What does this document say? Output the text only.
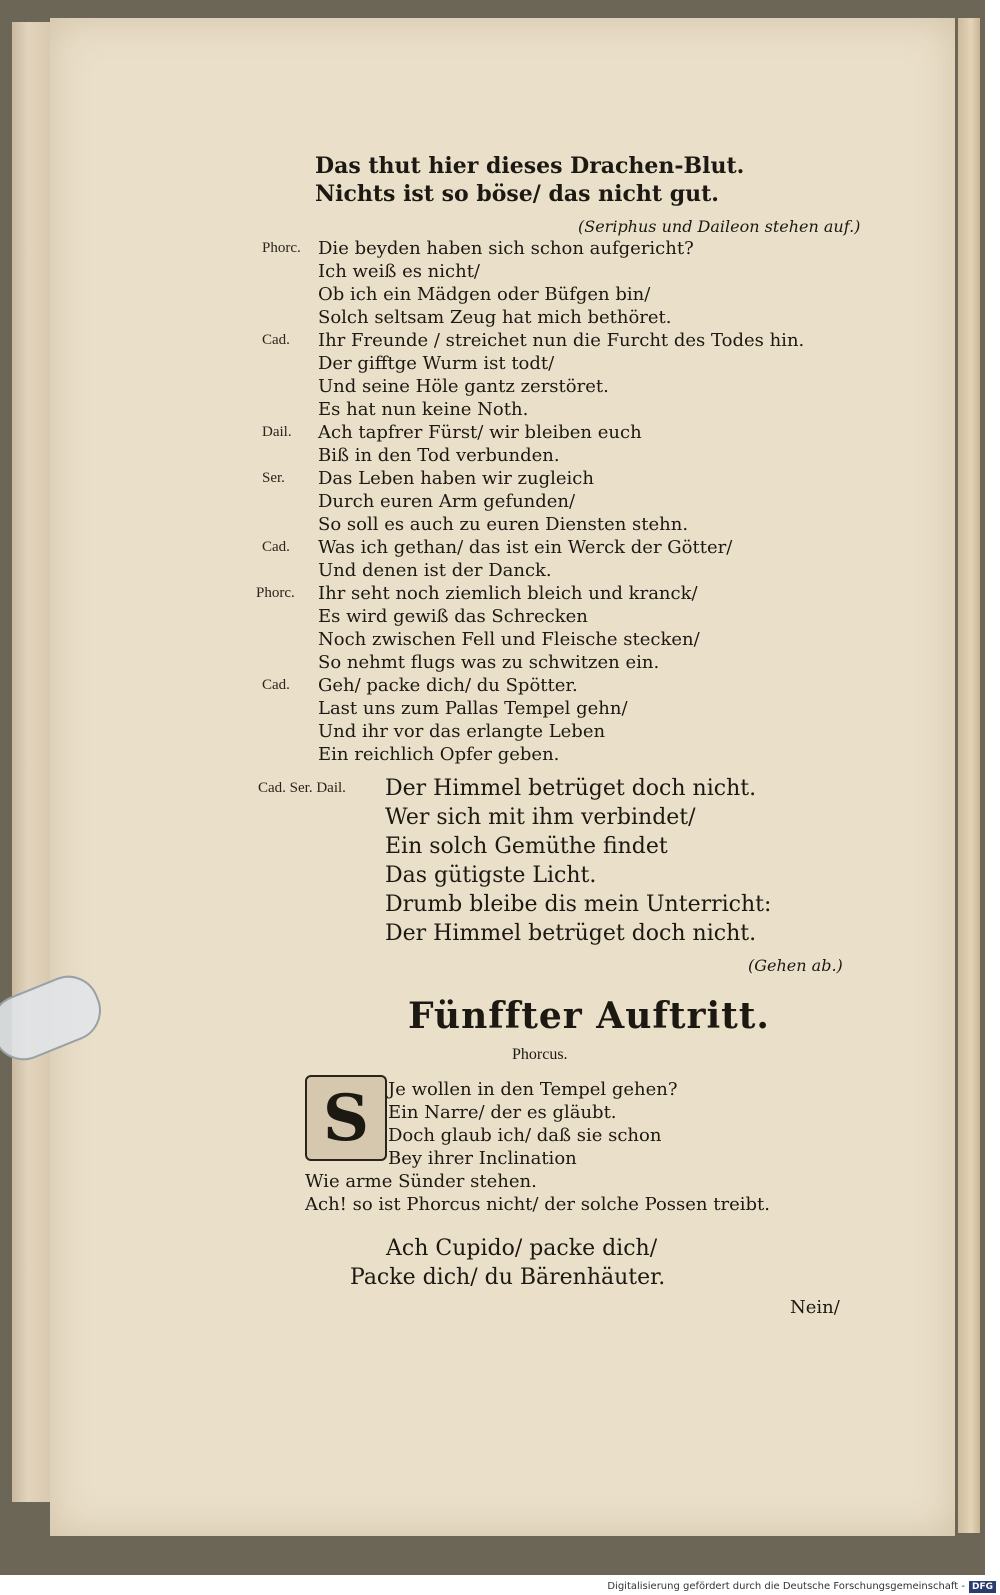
Das thut hier dieses Drachen-Blut.
Nichts ist so böse/ das nicht gut.
(Seriphus und Daileon stehen auf.)
Phorc. Die beyden haben sich schon aufgericht?
Ich weiß es nicht/
Ob ich ein Mädgen oder Büfgen bin/
Solch seltsam Zeug hat mich bethöret.
Cad. Ihr Freunde / streichet nun die Furcht des Todes hin.
Der gifftge Wurm ist todt/
Und seine Höle gantz zerstöret.
Es hat nun keine Noth.
Dail. Ach tapfrer Fürst/ wir bleiben euch
Biß in den Tod verbunden.
Ser. Das Leben haben wir zugleich
Durch euren Arm gefunden/
So soll es auch zu euren Diensten stehn.
Cad. Was ich gethan/ das ist ein Werck der Götter/
Und denen ist der Danck.
Phorc. Ihr seht noch ziemlich bleich und kranck/
Es wird gewiß das Schrecken
Noch zwischen Fell und Fleische stecken/
So nehmt flugs was zu schwitzen ein.
Cad. Geh/ packe dich/ du Spötter.
Last uns zum Pallas Tempel gehn/
Und ihr vor das erlangte Leben
Ein reichlich Opfer geben.
Cad. Ser. Dail. Der Himmel betrüget doch nicht.
Wer sich mit ihm verbindet/
Ein solch Gemüthe findet
Das gütigste Licht.
Drumb bleibe dis mein Unterricht:
Der Himmel betrüget doch nicht.
(Gehen ab.)
Fünffter Auftritt.
Phorcus.
S	Je wollen in den Tempel gehen?
Ein Narre/ der es gläubt.
Doch glaub ich/ daß sie schon
Bey ihrer Inclination
Wie arme Sünder stehen.
Ach! so ist Phorcus nicht/ der solche Possen treibt.
Ach Cupido/ packe dich/
Packe dich/ du Bärenhäuter.
Nein/
Digitalisierung gefördert durch die Deutsche Forschungsgemeinschaft - DFG
